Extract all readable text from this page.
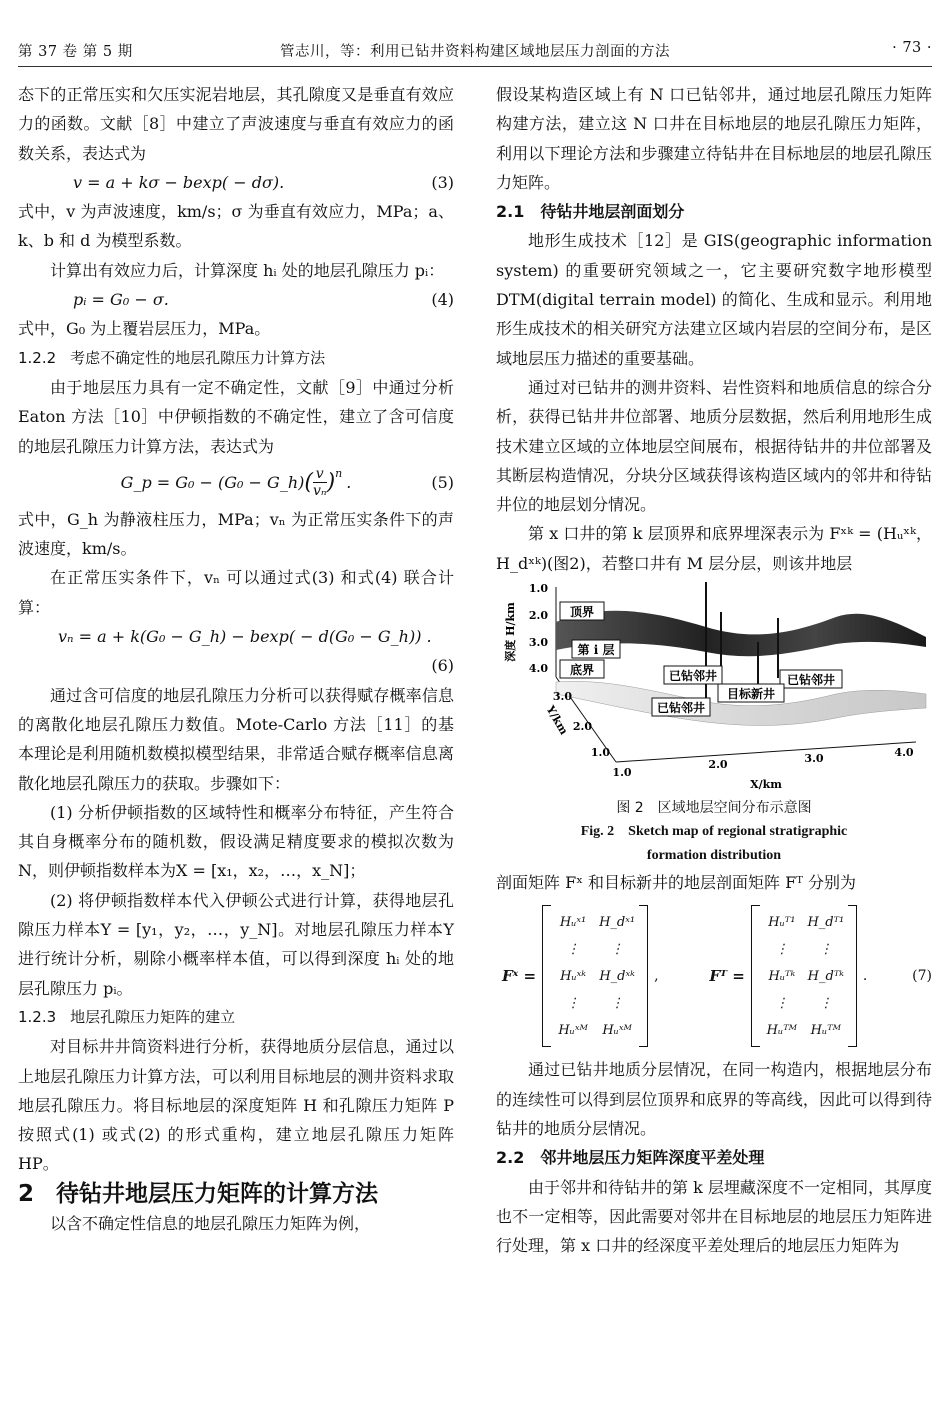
第 37 卷 第 5 期	管志川，等：利用已钻井资料构建区域地层压力剖面的方法	· 73 ·

态下的正常压实和欠压实泥岩地层，其孔隙度又是垂直有效应力的函数。文献［8］中建立了声波速度与垂直有效应力的函数关系，表达式为

v = a + kσ − bexp( − dσ).	(3)

式中，v 为声波速度，km/s；σ 为垂直有效应力，MPa；a、k、b 和 d 为模型系数。

计算出有效应力后，计算深度 hᵢ 处的地层孔隙压力 pᵢ：

pᵢ = G₀ − σ.	(4)

式中，G₀ 为上覆岩层压力，MPa。

1.2.2 考虑不确定性的地层孔隙压力计算方法

由于地层压力具有一定不确定性，文献［9］中通过分析 Eaton 方法［10］中伊顿指数的不确定性，建立了含可信度的地层孔隙压力计算方法，表达式为

G_p = G₀ − (G₀ − G_h) ( $\frac{v}{\text{vₙ}} )^n$ .	(5)

式中，G_h 为静液柱压力，MPa；vₙ 为正常压实条件下的声波速度，km/s。

在正常压实条件下，vₙ 可以通过式(3) 和式(4) 联合计算：

vₙ = a + k(G₀ − G_h) − bexp( − d(G₀ − G_h)) .
(6)

通过含可信度的地层孔隙压力分析可以获得赋存概率信息的离散化地层孔隙压力数值。Mote-Carlo 方法［11］的基本理论是利用随机数模拟模型结果，非常适合赋存概率信息离散化地层孔隙压力的获取。步骤如下：

(1) 分析伊顿指数的区域特性和概率分布特征，产生符合其自身概率分布的随机数，假设满足精度要求的模拟次数为N，则伊顿指数样本为X = [x₁，x₂，…，x_N]；

(2) 将伊顿指数样本代入伊顿公式进行计算，获得地层孔隙压力样本Y = [y₁，y₂，…，y_N]。对地层孔隙压力样本Y进行统计分析，剔除小概率样本值，可以得到深度 hᵢ 处的地层孔隙压力 pᵢ。

1.2.3 地层孔隙压力矩阵的建立

对目标井井筒资料进行分析，获得地质分层信息，通过以上地层孔隙压力计算方法，可以利用目标地层的测井资料求取地层孔隙压力。将目标地层的深度矩阵 H 和孔隙压力矩阵 P 按照式(1) 或式(2) 的形式重构，建立地层孔隙压力矩阵 HP。

2 待钻井地层压力矩阵的计算方法

以含不确定性信息的地层孔隙压力矩阵为例，

假设某构造区域上有 N 口已钻邻井，通过地层孔隙压力矩阵构建方法，建立这 N 口井在目标地层的地层孔隙压力矩阵，利用以下理论方法和步骤建立待钻井在目标地层的地层孔隙压力矩阵。

2.1 待钻井地层剖面划分

地形生成技术［12］是 GIS(geographic information system) 的重要研究领域之一，它主要研究数字地形模型 DTM(digital terrain model) 的简化、生成和显示。利用地形生成技术的相关研究方法建立区域内岩层的空间分布，是区域地层压力描述的重要基础。

通过对已钻井的测井资料、岩性资料和地质信息的综合分析，获得已钻井井位部署、地质分层数据，然后利用地形生成技术建立区域的立体地层空间展布，根据待钻井的井位部署及其断层构造情况，分块分区域获得该构造区域内的邻井和待钻井位的地层划分情况。

第 x 口井的第 k 层顶界和底界埋深表示为 Fˣᵏ = (Hᵤˣᵏ，H_dˣᵏ)(图2)，若整口井有 M 层分层，则该井地层

顶界
第 i 层
底界	已钻邻井	已钻邻井
目标新井
已钻邻井
1.0
2.0
3.0
4.0
深度 H/km
3.0
2.0
1.0
Y/km
1.0
2.0	3.0	4.0
X/km
图 2　区域地层空间分布示意图
Fig. 2　Sketch map of regional stratigraphic
formation distribution

剖面矩阵 Fˣ 和目标新井的地层剖面矩阵 Fᵀ 分别为

Fˣ =
Hᵤˣ¹ H_dˣ¹
⋮	⋮
Hᵤˣᵏ	H_dˣᵏ
⋮	⋮
Hᵤˣᴹ	Hᵤˣᴹ
,	Fᵀ =
Hᵤᵀ¹ H_dᵀ¹
⋮	⋮
Hᵤᵀᵏ H_dᵀᵏ
⋮	⋮
Hᵤᵀᴹ	Hᵤᵀᴹ
.	(7)

通过已钻井地质分层情况，在同一构造内，根据地层分布的连续性可以得到层位顶界和底界的等高线，因此可以得到待钻井的地质分层情况。

2.2 邻井地层压力矩阵深度平差处理

由于邻井和待钻井的第 k 层埋藏深度不一定相同，其厚度也不一定相等，因此需要对邻井在目标地层的地层压力矩阵进行处理，第 x 口井的经深度平差处理后的地层压力矩阵为
